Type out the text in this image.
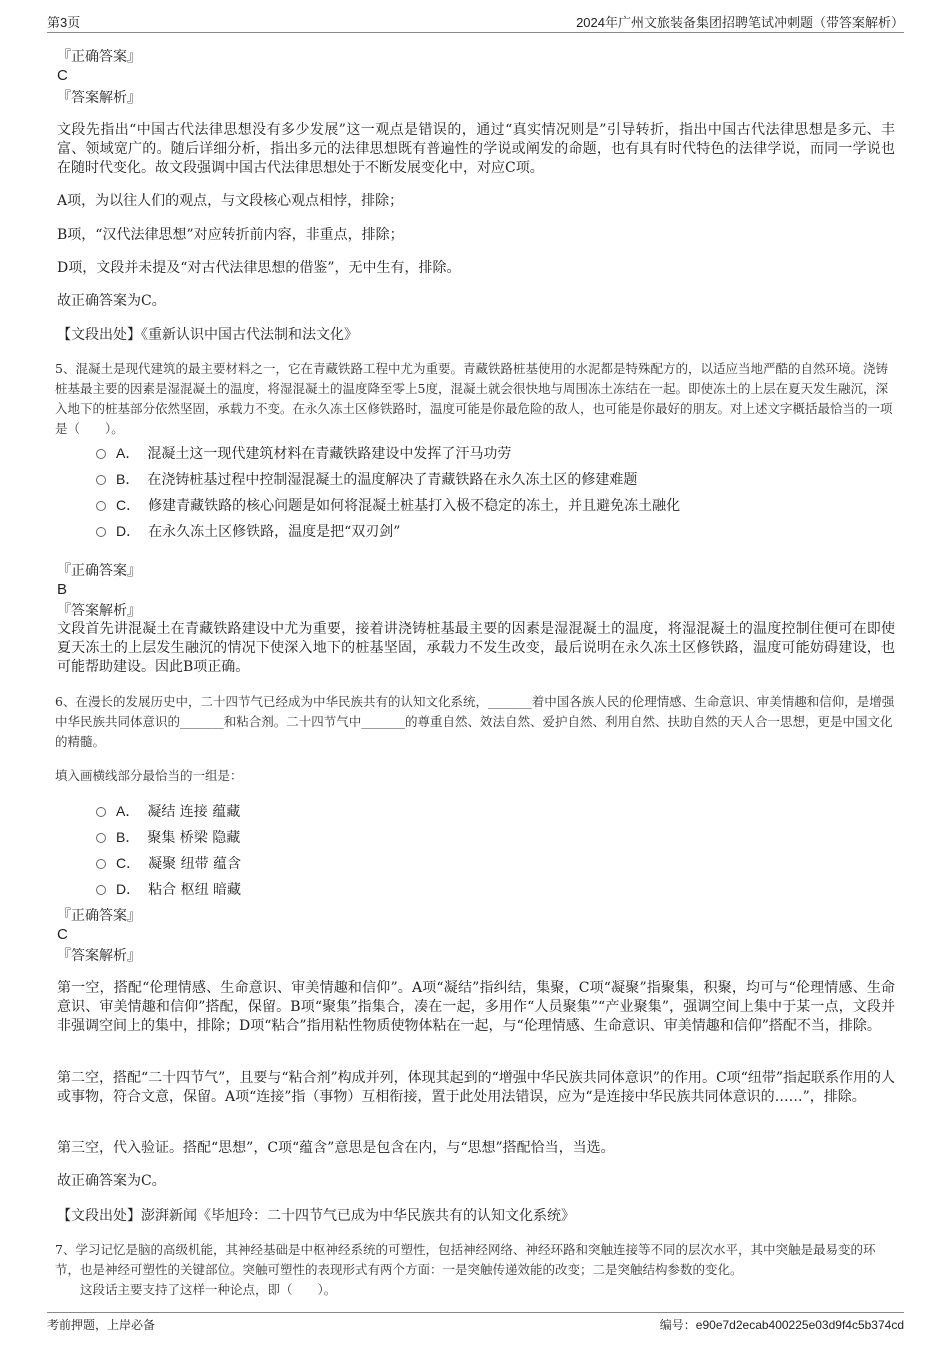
第3页	2024年广州文旅装备集团招聘笔试冲刺题（带答案解析）
『正确答案』
C
『答案解析』

文段先指出“中国古代法律思想没有多少发展”这一观点是错误的，通过“真实情况则是”引导转折，指出中国古代法律思想是多元、丰富、领域宽广的。随后详细分析，指出多元的法律思想既有普遍性的学说或阐发的命题，也有具有时代特色的法律学说，而同一学说也在随时代变化。故文段强调中国古代法律思想处于不断发展变化中，对应C项。

A项，为以往人们的观点，与文段核心观点相悖，排除；

B项，“汉代法律思想”对应转折前内容，非重点，排除；

D项，文段并未提及“对古代法律思想的借鉴”，无中生有，排除。

故正确答案为C。

【文段出处】《重新认识中国古代法制和法文化》

5、混凝土是现代建筑的最主要材料之一，它在青藏铁路工程中尤为重要。青藏铁路桩基使用的水泥都是特殊配方的，以适应当地严酷的自然环境。浇铸桩基最主要的因素是湿混凝土的温度，将湿混凝土的温度降至零上5度，混凝土就会很快地与周围冻土冻结在一起。即使冻土的上层在夏天发生融沉，深入地下的桩基部分依然坚固，承载力不变。在永久冻土区修铁路时，温度可能是你最危险的敌人，也可能是你最好的朋友。对上述文字概括最恰当的一项是（　　）。

A． 混凝土这一现代建筑材料在青藏铁路建设中发挥了汗马功劳
B． 在浇铸桩基过程中控制湿混凝土的温度解决了青藏铁路在永久冻土区的修建难题
C． 修建青藏铁路的核心问题是如何将混凝土桩基打入极不稳定的冻土，并且避免冻土融化
D． 在永久冻土区修铁路，温度是把“双刃剑”
『正确答案』
B
『答案解析』

文段首先讲混凝土在青藏铁路建设中尤为重要，接着讲浇铸桩基最主要的因素是湿混凝土的温度，将湿混凝土的温度控制住便可在即使夏天冻土的上层发生融沉的情况下使深入地下的桩基坚固，承载力不发生改变，最后说明在永久冻土区修铁路，温度可能妨碍建设，也可能帮助建设。因此B项正确。

6、在漫长的发展历史中，二十四节气已经成为中华民族共有的认知文化系统，_______着中国各族人民的伦理情感、生命意识、审美情趣和信仰，是增强中华民族共同体意识的_______和粘合剂。二十四节气中_______的尊重自然、效法自然、爱护自然、利用自然、扶助自然的天人合一思想，更是中国文化的精髓。

填入画横线部分最恰当的一组是：
A． 凝结 连接 蕴藏
B． 聚集 桥梁 隐藏
C． 凝聚 纽带 蕴含
D． 粘合 枢纽 暗藏
『正确答案』
C
『答案解析』

第一空，搭配“伦理情感、生命意识、审美情趣和信仰”。A项“凝结”指纠结，集聚，C项“凝聚”指聚集，积聚，均可与“伦理情感、生命意识、审美情趣和信仰”搭配，保留。B项“聚集”指集合，凑在一起，多用作“人员聚集”“产业聚集”，强调空间上集中于某一点，文段并非强调空间上的集中，排除；D项“粘合”指用粘性物质使物体粘在一起，与“伦理情感、生命意识、审美情趣和信仰”搭配不当，排除。

第二空，搭配“二十四节气”，且要与“粘合剂”构成并列，体现其起到的“增强中华民族共同体意识”的作用。C项“纽带”指起联系作用的人或事物，符合文意，保留。A项“连接”指（事物）互相衔接，置于此处用法错误，应为“是连接中华民族共同体意识的……”，排除。

第三空，代入验证。搭配“思想”，C项“蕴含”意思是包含在内，与“思想”搭配恰当，当选。

故正确答案为C。

【文段出处】澎湃新闻《毕旭玲：二十四节气已成为中华民族共有的认知文化系统》

7、学习记忆是脑的高级机能，其神经基础是中枢神经系统的可塑性，包括神经网络、神经环路和突触连接等不同的层次水平，其中突触是最易变的环节，也是神经可塑性的关键部位。突触可塑性的表现形式有两个方面：一是突触传递效能的改变；二是突触结构参数的变化。

这段话主要支持了这样一种论点，即（　　）。
考前押题，上岸必备	编号：e90e7d2ecab400225e03d9f4c5b374cd
